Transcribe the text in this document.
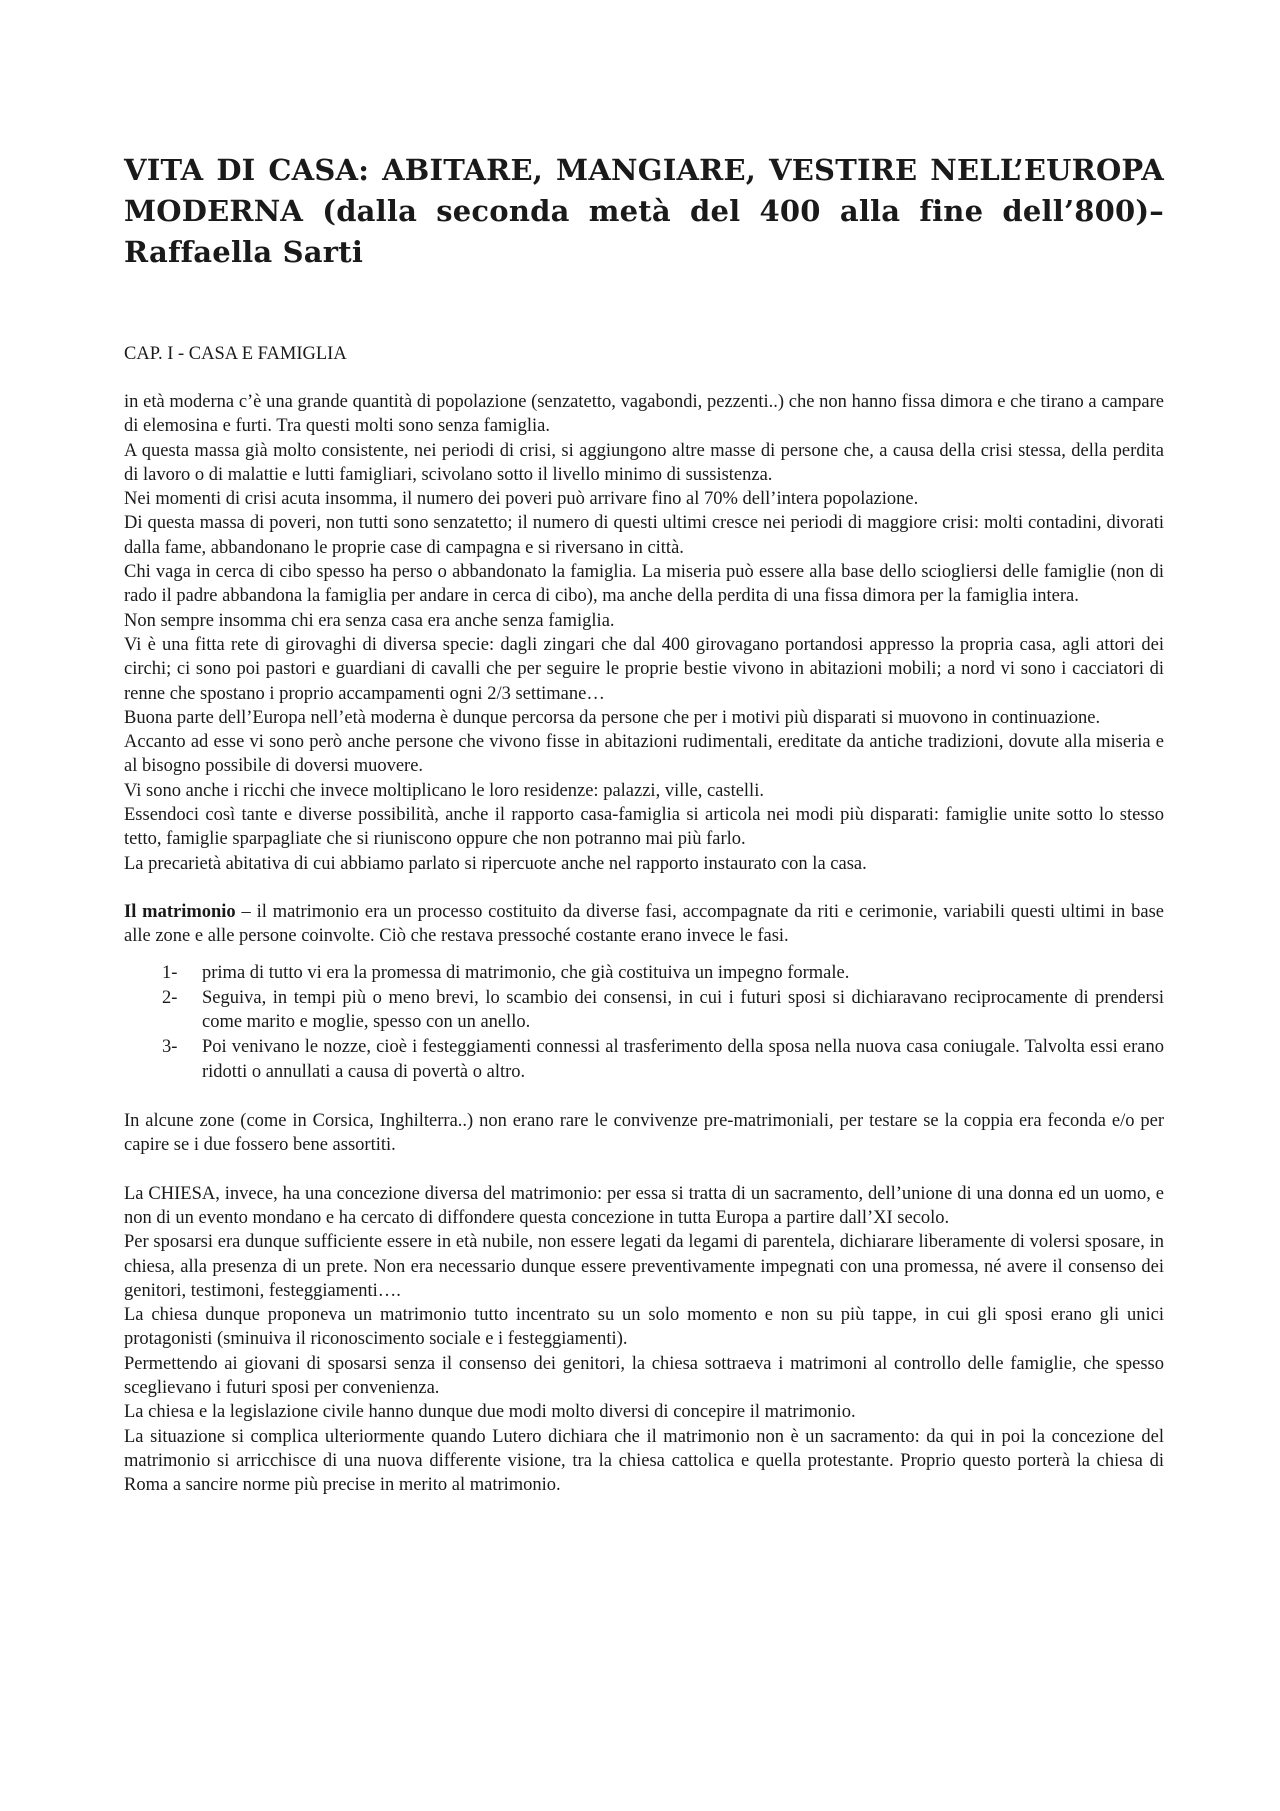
VITA DI CASA: ABITARE, MANGIARE, VESTIRE NELL’EUROPA MODERNA (dalla seconda metà del 400 alla fine dell’800)– Raffaella Sarti
CAP. I - CASA E FAMIGLIA

in età moderna c’è una grande quantità di popolazione (senzatetto, vagabondi, pezzenti..) che non hanno fissa dimora e che tirano a campare di elemosina e furti. Tra questi molti sono senza famiglia.

A questa massa già molto consistente, nei periodi di crisi, si aggiungono altre masse di persone che, a causa della crisi stessa, della perdita di lavoro o di malattie e lutti famigliari, scivolano sotto il livello minimo di sussistenza.

Nei momenti di crisi acuta insomma, il numero dei poveri può arrivare fino al 70% dell’intera popolazione.

Di questa massa di poveri, non tutti sono senzatetto; il numero di questi ultimi cresce nei periodi di maggiore crisi: molti contadini, divorati dalla fame, abbandonano le proprie case di campagna e si riversano in città.

Chi vaga in cerca di cibo spesso ha perso o abbandonato la famiglia. La miseria può essere alla base dello sciogliersi delle famiglie (non di rado il padre abbandona la famiglia per andare in cerca di cibo), ma anche della perdita di una fissa dimora per la famiglia intera.

Non sempre insomma chi era senza casa era anche senza famiglia.

Vi è una fitta rete di girovaghi di diversa specie: dagli zingari che dal 400 girovagano portandosi appresso la propria casa, agli attori dei circhi; ci sono poi pastori e guardiani di cavalli che per seguire le proprie bestie vivono in abitazioni mobili; a nord vi sono i cacciatori di renne che spostano i proprio accampamenti ogni 2/3 settimane…

Buona parte dell’Europa nell’età moderna è dunque percorsa da persone che per i motivi più disparati si muovono in continuazione.

Accanto ad esse vi sono però anche persone che vivono fisse in abitazioni rudimentali, ereditate da antiche tradizioni, dovute alla miseria e al bisogno possibile di doversi muovere.

Vi sono anche i ricchi che invece moltiplicano le loro residenze: palazzi, ville, castelli.

Essendoci così tante e diverse possibilità, anche il rapporto casa-famiglia si articola nei modi più disparati: famiglie unite sotto lo stesso tetto, famiglie sparpagliate che si riuniscono oppure che non potranno mai più farlo.

La precarietà abitativa di cui abbiamo parlato si ripercuote anche nel rapporto instaurato con la casa.

Il matrimonio – il matrimonio era un processo costituito da diverse fasi, accompagnate da riti e cerimonie, variabili questi ultimi in base alle zone e alle persone coinvolte. Ciò che restava pressoché costante erano invece le fasi.

1- prima di tutto vi era la promessa di matrimonio, che già costituiva un impegno formale.
2- Seguiva, in tempi più o meno brevi, lo scambio dei consensi, in cui i futuri sposi si dichiaravano reciprocamente di prendersi come marito e moglie, spesso con un anello.
3- Poi venivano le nozze, cioè i festeggiamenti connessi al trasferimento della sposa nella nuova casa coniugale. Talvolta essi erano ridotti o annullati a causa di povertà o altro.

In alcune zone (come in Corsica, Inghilterra..) non erano rare le convivenze pre-matrimoniali, per testare se la coppia era feconda e/o per capire se i due fossero bene assortiti.

La CHIESA, invece, ha una concezione diversa del matrimonio: per essa si tratta di un sacramento, dell’unione di una donna ed un uomo, e non di un evento mondano e ha cercato di diffondere questa concezione in tutta Europa a partire dall’XI secolo.

Per sposarsi era dunque sufficiente essere in età nubile, non essere legati da legami di parentela, dichiarare liberamente di volersi sposare, in chiesa, alla presenza di un prete. Non era necessario dunque essere preventivamente impegnati con una promessa, né avere il consenso dei genitori, testimoni, festeggiamenti….

La chiesa dunque proponeva un matrimonio tutto incentrato su un solo momento e non su più tappe, in cui gli sposi erano gli unici protagonisti (sminuiva il riconoscimento sociale e i festeggiamenti).

Permettendo ai giovani di sposarsi senza il consenso dei genitori, la chiesa sottraeva i matrimoni al controllo delle famiglie, che spesso sceglievano i futuri sposi per convenienza.

La chiesa e la legislazione civile hanno dunque due modi molto diversi di concepire il matrimonio.

La situazione si complica ulteriormente quando Lutero dichiara che il matrimonio non è un sacramento: da qui in poi la concezione del matrimonio si arricchisce di una nuova differente visione, tra la chiesa cattolica e quella protestante. Proprio questo porterà la chiesa di Roma a sancire norme più precise in merito al matrimonio.
